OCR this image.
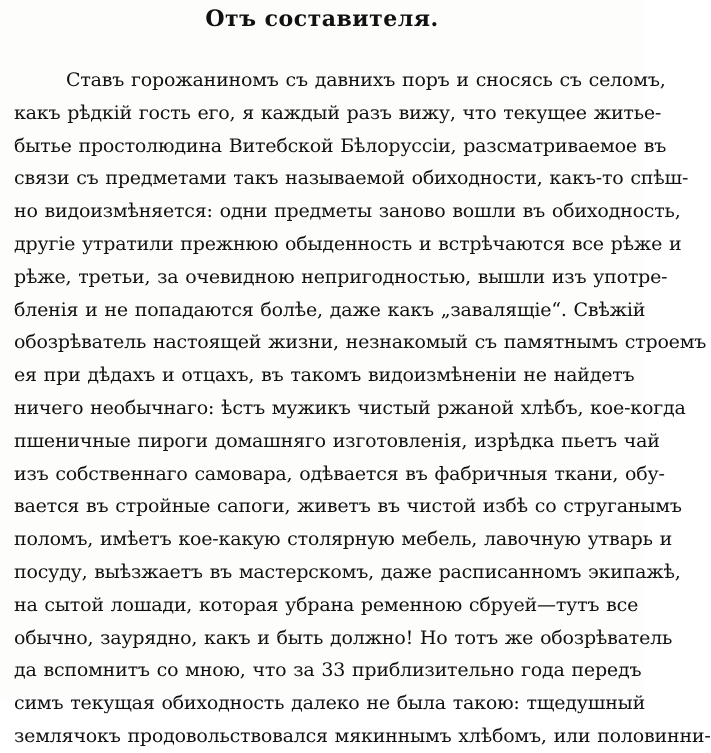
Отъ составителя.
Ставъ горожаниномъ съ давнихъ поръ и сносясь съ селомъ,
какъ рѣдкій гость его, я каждый разъ вижу, что текущее житье-
бытье простолюдина Витебской Бѣлоруссіи, разсматриваемое въ
связи съ предметами такъ называемой обиходности, какъ-то спѣш-
но видоизмѣняется: одни предметы заново вошли въ обиходность,
другіе утратили прежнюю обыденность и встрѣчаются все рѣже и
рѣже, третьи, за очевидною непригодностью, вышли изъ употре-
бленія и не попадаются болѣе, даже какъ „завалящіе“. Свѣжій
обозрѣватель настоящей жизни, незнакомый съ памятнымъ строемъ
ея при дѣдахъ и отцахъ, въ такомъ видоизмѣненіи не найдетъ
ничего необычнаго: ѣстъ мужикъ чистый ржаной хлѣбъ, кое-когда
пшеничные пироги домашняго изготовленія, изрѣдка пьетъ чай
изъ собственнаго самовара, одѣвается въ фабричныя ткани, обу-
вается въ стройные сапоги, живетъ въ чистой избѣ со струганымъ
поломъ, имѣетъ кое-какую столярную мебель, лавочную утварь и
посуду, выѣзжаетъ въ мастерскомъ, даже расписанномъ экипажѣ,
на сытой лошади, которая убрана ременною сбруей—тутъ все
обычно, заурядно, какъ и быть должно! Но тотъ же обозрѣватель
да вспомнитъ со мною, что за 33 приблизительно года передъ
симъ текущая обиходность далеко не была такою: тщедушный
землячокъ продовольствовался мякиннымъ хлѣбомъ, или половинни-
